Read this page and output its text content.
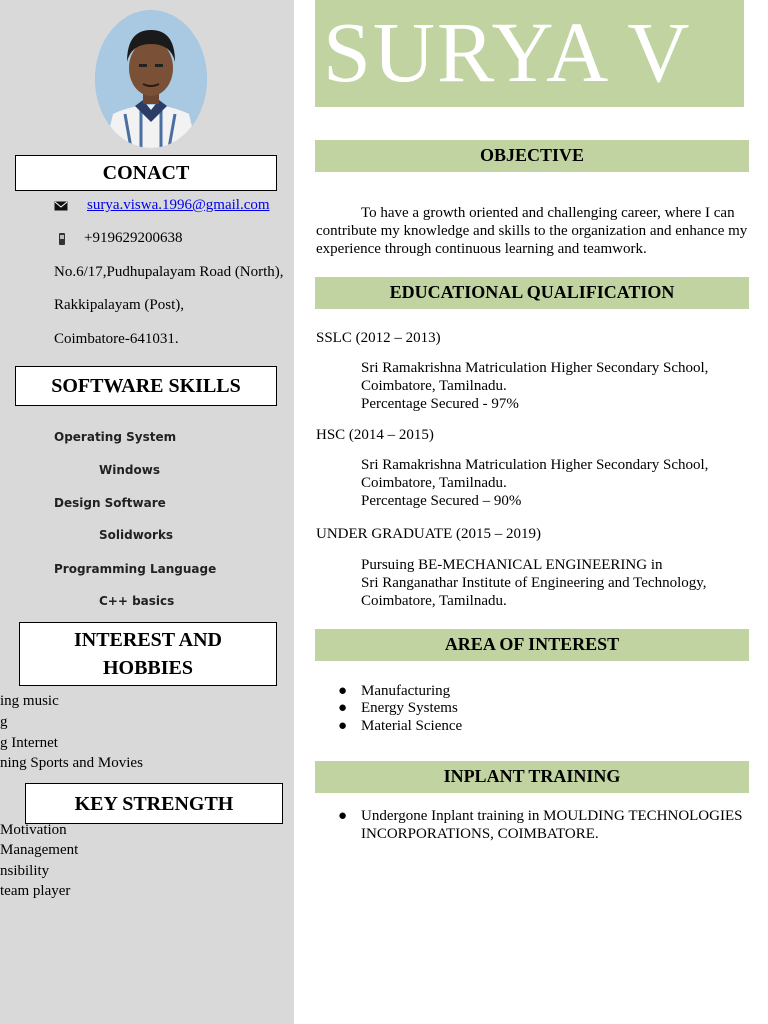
CONACT
surya.viswa.1996@gmail.com
+919629200638
No.6/17,Pudhupalayam Road (North),
Rakkipalayam (Post),
Coimbatore-641031.
SOFTWARE SKILLS
Operating System
Windows
Design Software
Solidworks
Programming Language
C++ basics
INTEREST AND
HOBBIES
ing music
g
g Internet
ning Sports and Movies
KEY STRENGTH
Motivation
Management
nsibility
team player
SURYA V
OBJECTIVE
To have a growth oriented and challenging career, where I can contribute my knowledge and skills to the organization and enhance my experience through continuous learning and teamwork.
EDUCATIONAL QUALIFICATION
SSLC (2012 – 2013)
Sri Ramakrishna Matriculation Higher Secondary School,
Coimbatore, Tamilnadu.
Percentage Secured - 97%
HSC (2014 – 2015)
Sri Ramakrishna Matriculation Higher Secondary School,
Coimbatore, Tamilnadu.
Percentage Secured – 90%
UNDER GRADUATE (2015 – 2019)
Pursuing BE-MECHANICAL ENGINEERING in
Sri Ranganathar Institute of Engineering and Technology,
Coimbatore, Tamilnadu.
AREA OF INTEREST
● Manufacturing
● Energy Systems
● Material Science
INPLANT TRAINING
● Undergone Inplant training in MOULDING TECHNOLOGIES
INCORPORATIONS, COIMBATORE.
